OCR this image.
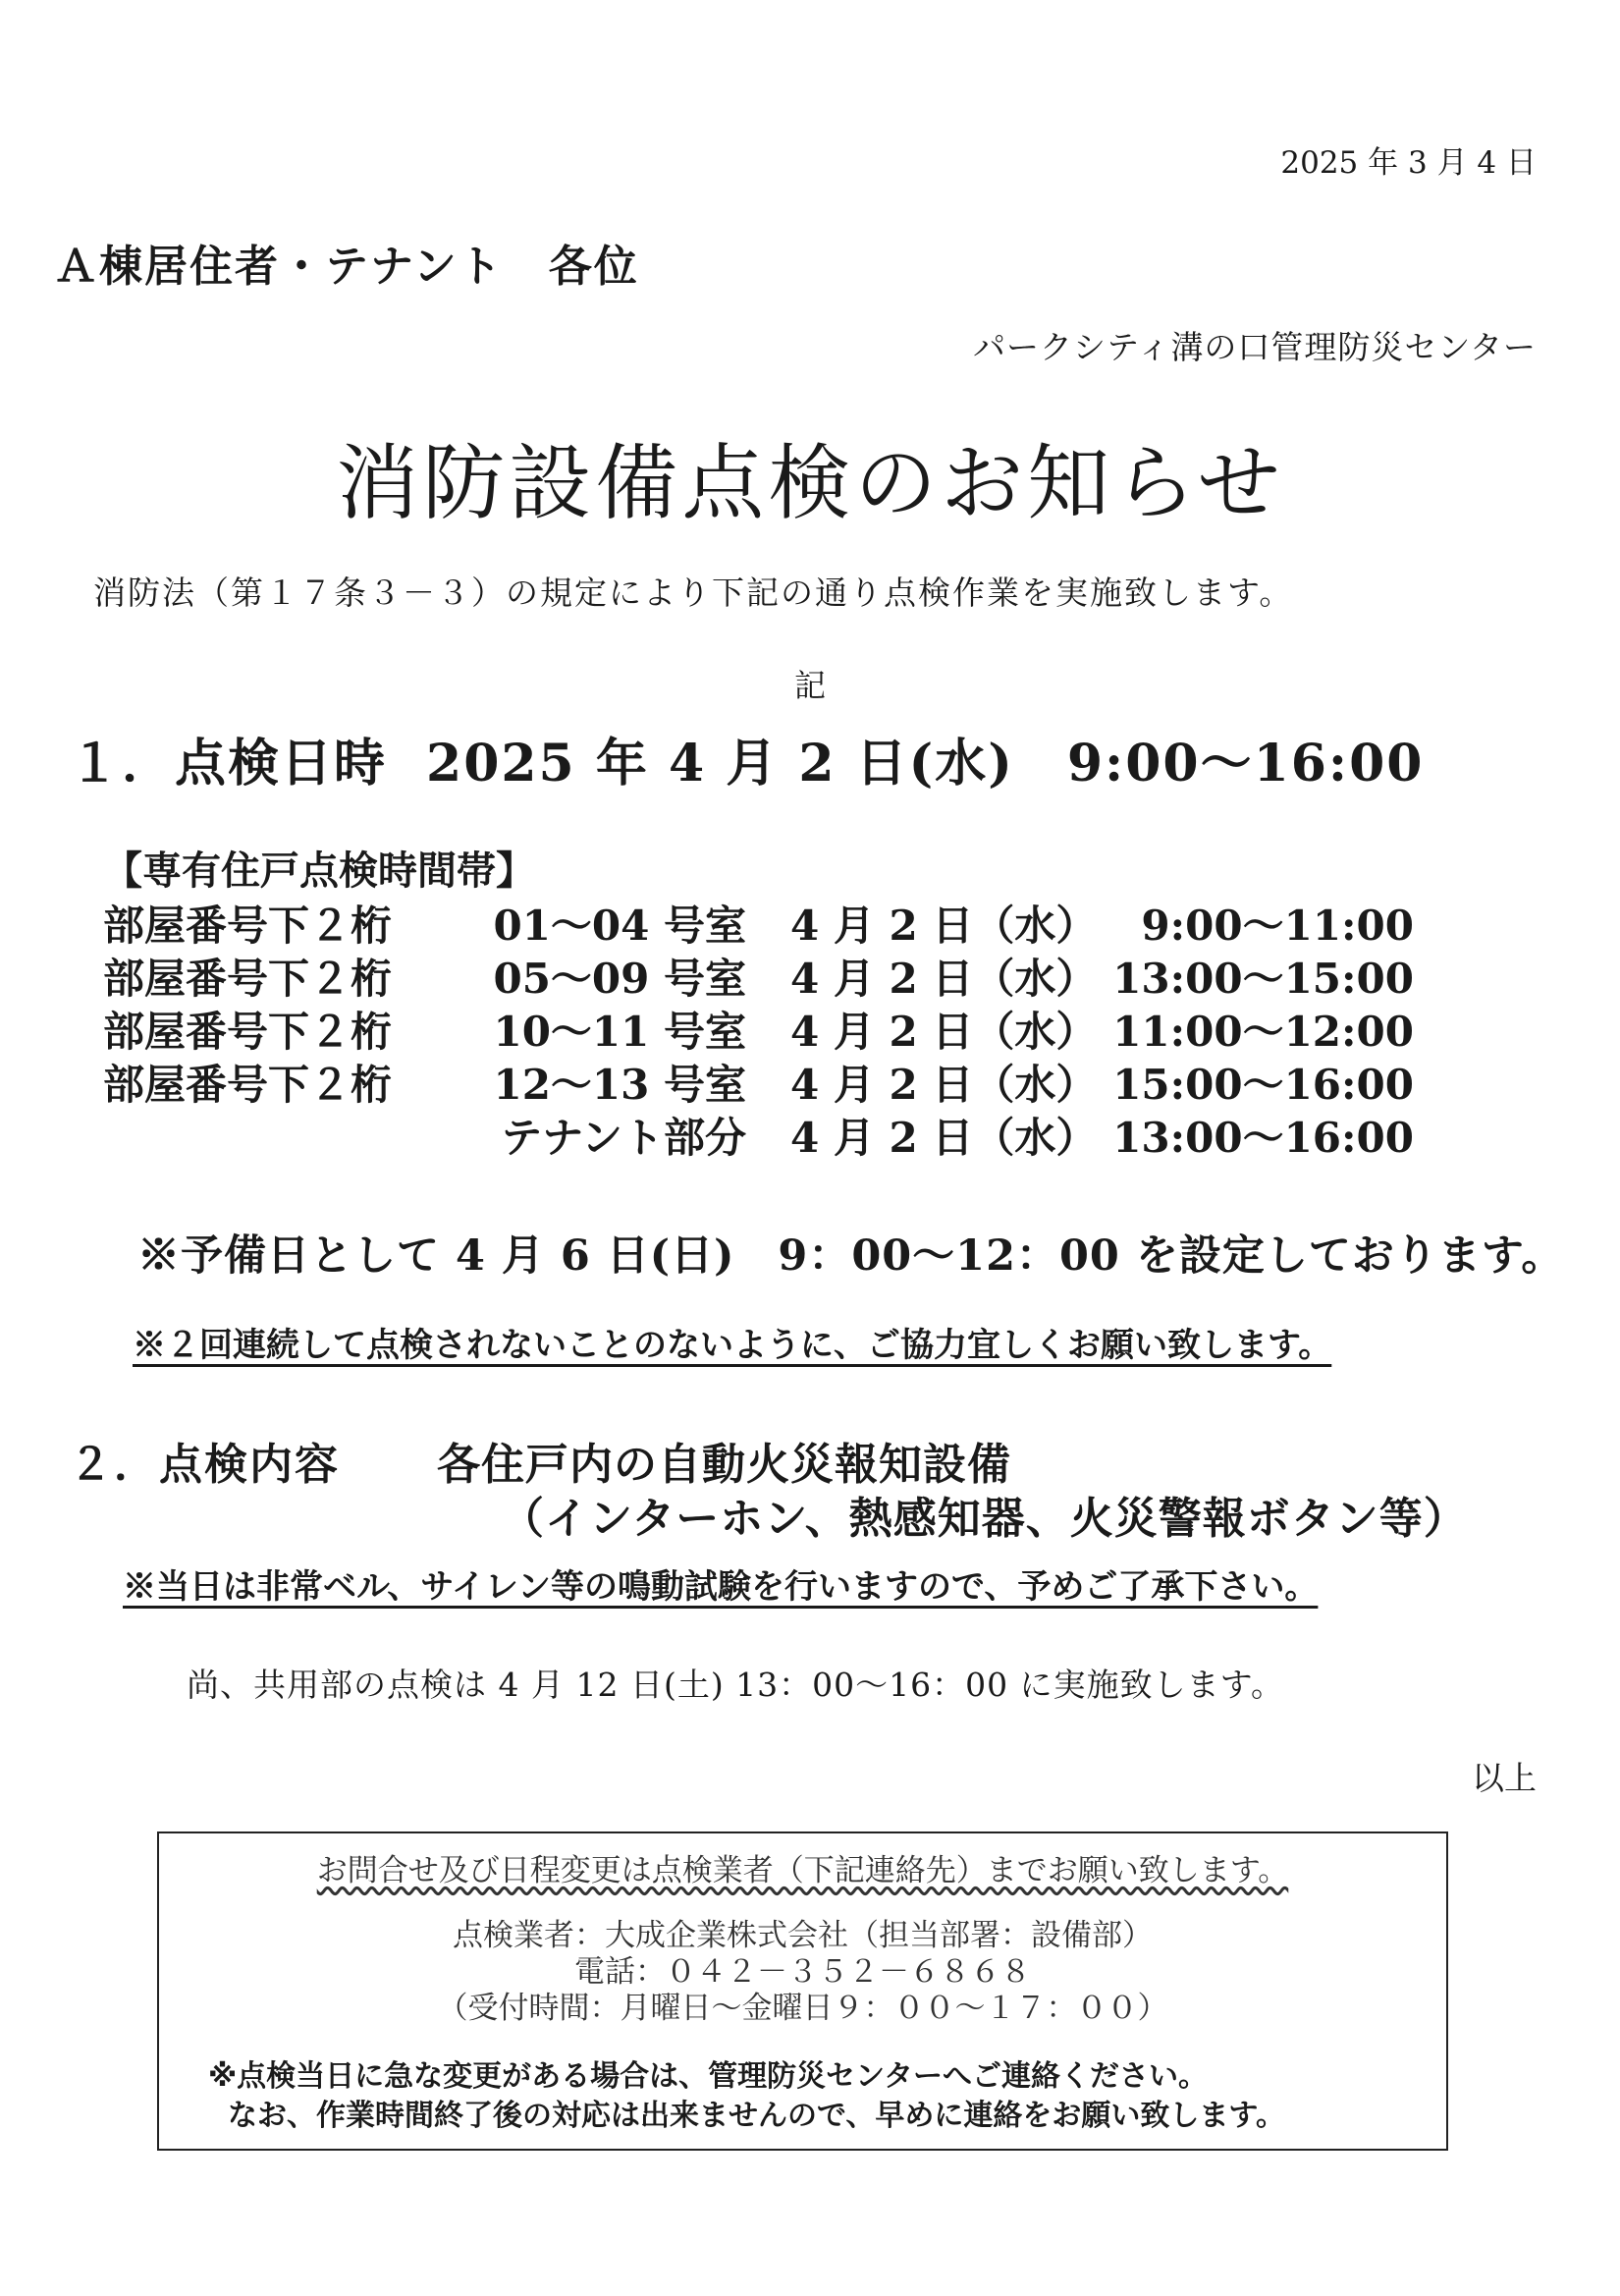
2025 年 3 月 4 日
Ａ棟居住者・テナント　各位
パークシティ溝の口管理防災センター
消防設備点検のお知らせ
消防法（第１７条３－３）の規定により下記の通り点検作業を実施致します。
記
１．点検日時 2025 年 4 月 2 日(水)　9:00～16:00
【専有住戸点検時間帯】
部屋番号下２桁 01～04 号室 4 月 2 日（水） 9:00～11:00
部屋番号下２桁 05～09 号室 4 月 2 日（水） 13:00～15:00
部屋番号下２桁 10～11 号室 4 月 2 日（水） 11:00～12:00
部屋番号下２桁 12～13 号室 4 月 2 日（水） 15:00～16:00
テナント部分 4 月 2 日（水） 13:00～16:00
※予備日として 4 月 6 日(日)　9：00～12：00 を設定しております。
※２回連続して点検されないことのないように、ご協力宜しくお願い致します。
２．点検内容 各住戸内の自動火災報知設備
（インターホン、熱感知器、火災警報ボタン等）
※当日は非常ベル、サイレン等の鳴動試験を行いますので、予めご了承下さい。
尚、共用部の点検は 4 月 12 日(土) 13：00～16：00 に実施致します。
以上
お問合せ及び日程変更は点検業者（下記連絡先）までお願い致します。
点検業者：大成企業株式会社（担当部署：設備部）
電話：０４２－３５２－６８６８
（受付時間：月曜日～金曜日９：００～１７：００）
※点検当日に急な変更がある場合は、管理防災センターへご連絡ください。
なお、作業時間終了後の対応は出来ませんので、早めに連絡をお願い致します。
